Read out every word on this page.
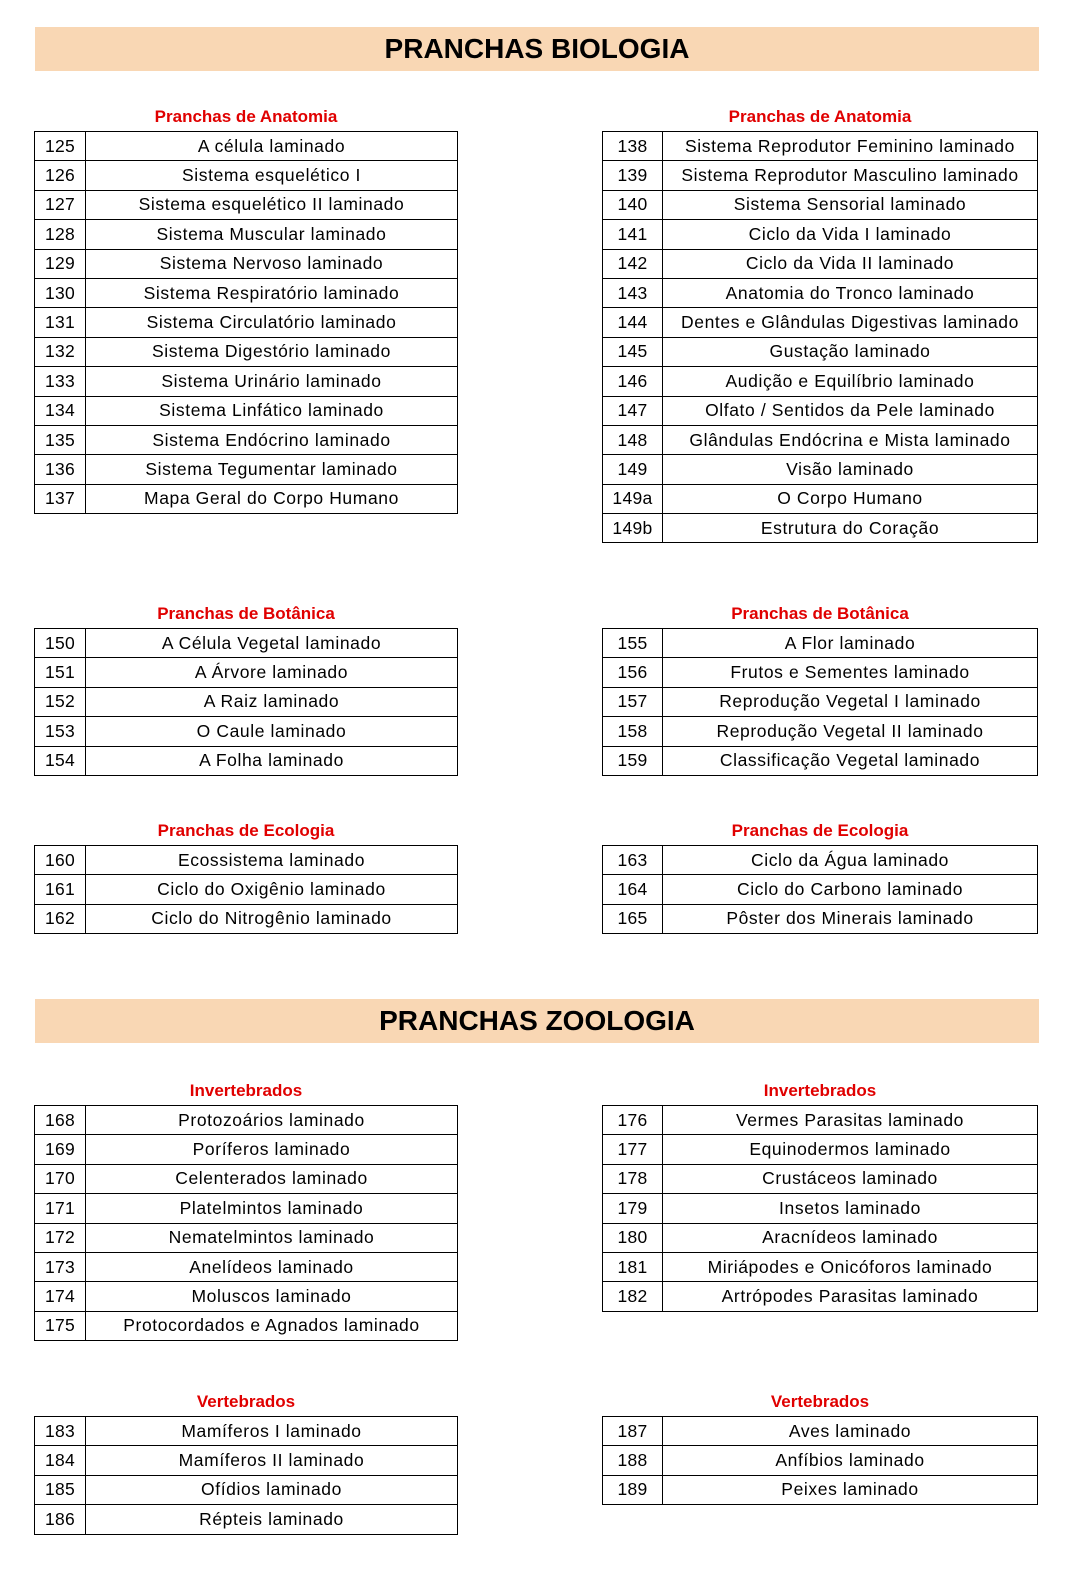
PRANCHAS BIOLOGIA
PRANCHAS ZOOLOGIA
Pranchas de Anatomia
125	A célula laminado
126	Sistema esquelético I
127	Sistema esquelético II laminado
128	Sistema Muscular laminado
129	Sistema Nervoso laminado
130	Sistema Respiratório laminado
131	Sistema Circulatório laminado
132	Sistema Digestório laminado
133	Sistema Urinário laminado
134	Sistema Linfático laminado
135	Sistema Endócrino laminado
136	Sistema Tegumentar laminado
137	Mapa Geral do Corpo Humano
Pranchas de Anatomia
138	Sistema Reprodutor Feminino laminado
139	Sistema Reprodutor Masculino laminado
140	Sistema Sensorial laminado
141	Ciclo da Vida I laminado
142	Ciclo da Vida II laminado
143	Anatomia do Tronco laminado
144	Dentes e Glândulas Digestivas laminado
145	Gustação laminado
146	Audição e Equilíbrio laminado
147	Olfato / Sentidos da Pele laminado
148	Glândulas Endócrina e Mista laminado
149	Visão laminado
149a	O Corpo Humano
149b	Estrutura do Coração
Pranchas de Botânica
150	A Célula Vegetal laminado
151	A Árvore laminado
152	A Raiz laminado
153	O Caule laminado
154	A Folha laminado
Pranchas de Botânica
155	A Flor laminado
156	Frutos e Sementes laminado
157	Reprodução Vegetal I laminado
158	Reprodução Vegetal II laminado
159	Classificação Vegetal laminado
Pranchas de Ecologia
160	Ecossistema laminado
161	Ciclo do Oxigênio laminado
162	Ciclo do Nitrogênio laminado
Pranchas de Ecologia
163	Ciclo da Água laminado
164	Ciclo do Carbono laminado
165	Pôster dos Minerais laminado
Invertebrados
168	Protozoários laminado
169	Poríferos laminado
170	Celenterados laminado
171	Platelmintos laminado
172	Nematelmintos laminado
173	Anelídeos laminado
174	Moluscos laminado
175	Protocordados e Agnados laminado
Invertebrados
176	Vermes Parasitas laminado
177	Equinodermos laminado
178	Crustáceos laminado
179	Insetos laminado
180	Aracnídeos laminado
181	Miriápodes e Onicóforos laminado
182	Artrópodes Parasitas laminado
Vertebrados
183	Mamíferos I laminado
184	Mamíferos II laminado
185	Ofídios laminado
186	Répteis laminado
Vertebrados
187	Aves laminado
188	Anfíbios laminado
189	Peixes laminado
